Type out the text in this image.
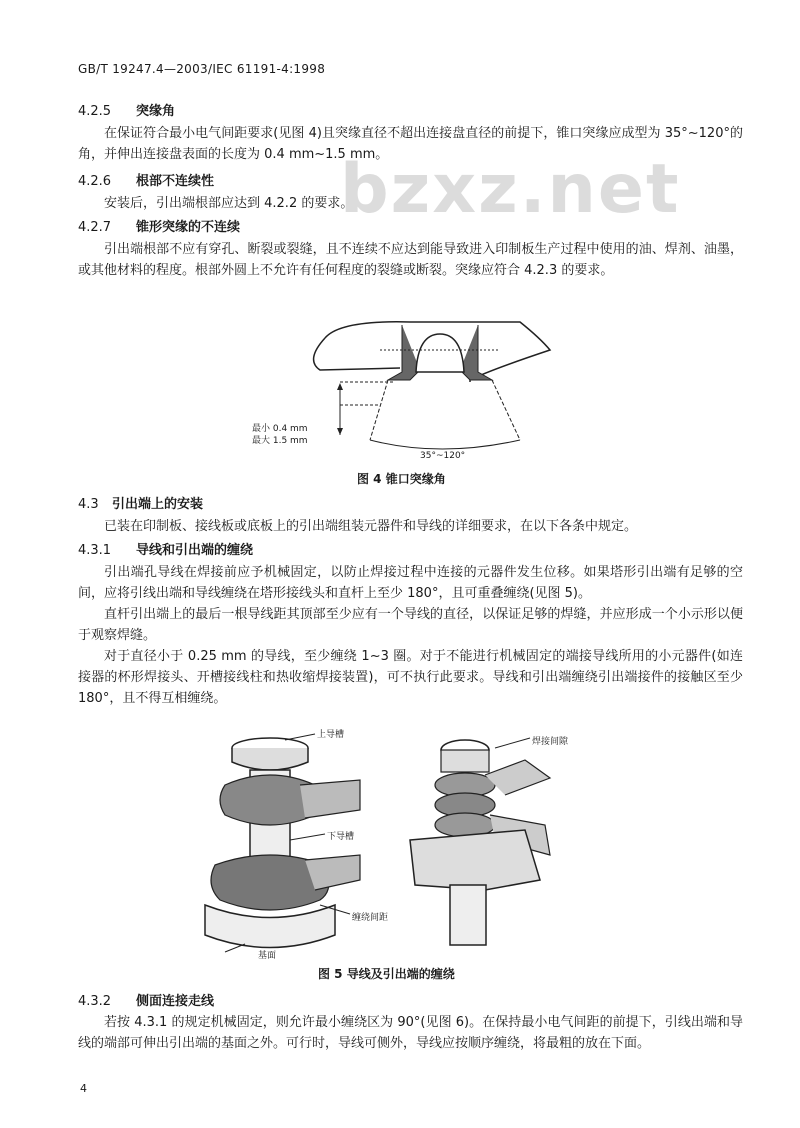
GB/T 19247.4—2003/IEC 61191-4:1998
bzxz.net
4.2.5 突缘角
在保证符合最小电气间距要求(见图 4)且突缘直径不超出连接盘直径的前提下，锥口突缘应成型为 35°~120°的角，并伸出连接盘表面的长度为 0.4 mm~1.5 mm。
4.2.6 根部不连续性
安装后，引出端根部应达到 4.2.2 的要求。
4.2.7 锥形突缘的不连续
引出端根部不应有穿孔、断裂或裂缝，且不连续不应达到能导致进入印制板生产过程中使用的油、焊剂、油墨，或其他材料的程度。根部外圆上不允许有任何程度的裂缝或断裂。突缘应符合 4.2.3 的要求。
最小 0.4 mm
最大 1.5 mm
35°~120°
图 4 锥口突缘角
4.3 引出端上的安装
已装在印制板、接线板或底板上的引出端组装元器件和导线的详细要求，在以下各条中规定。
4.3.1 导线和引出端的缠绕
引出端孔导线在焊接前应予机械固定，以防止焊接过程中连接的元器件发生位移。如果塔形引出端有足够的空间，应将引线出端和导线缠绕在塔形接线头和直杆上至少 180°，且可重叠缠绕(见图 5)。
直杆引出端上的最后一根导线距其顶部至少应有一个导线的直径，以保证足够的焊缝，并应形成一个小示形以便于观察焊缝。
对于直径小于 0.25 mm 的导线，至少缠绕 1~3 圈。对于不能进行机械固定的端接导线所用的小元器件(如连接器的杯形焊接头、开槽接线柱和热收缩焊接装置)，可不执行此要求。导线和引出端缠绕引出端接件的接触区至少 180°，且不得互相缠绕。
上导槽
下导槽
缠绕间距
基面
焊接间隙
图 5 导线及引出端的缠绕
4.3.2 侧面连接走线
若按 4.3.1 的规定机械固定，则允许最小缠绕区为 90°(见图 6)。在保持最小电气间距的前提下，引线出端和导线的端部可伸出引出端的基面之外。可行时，导线可侧外，导线应按顺序缠绕，将最粗的放在下面。
4
